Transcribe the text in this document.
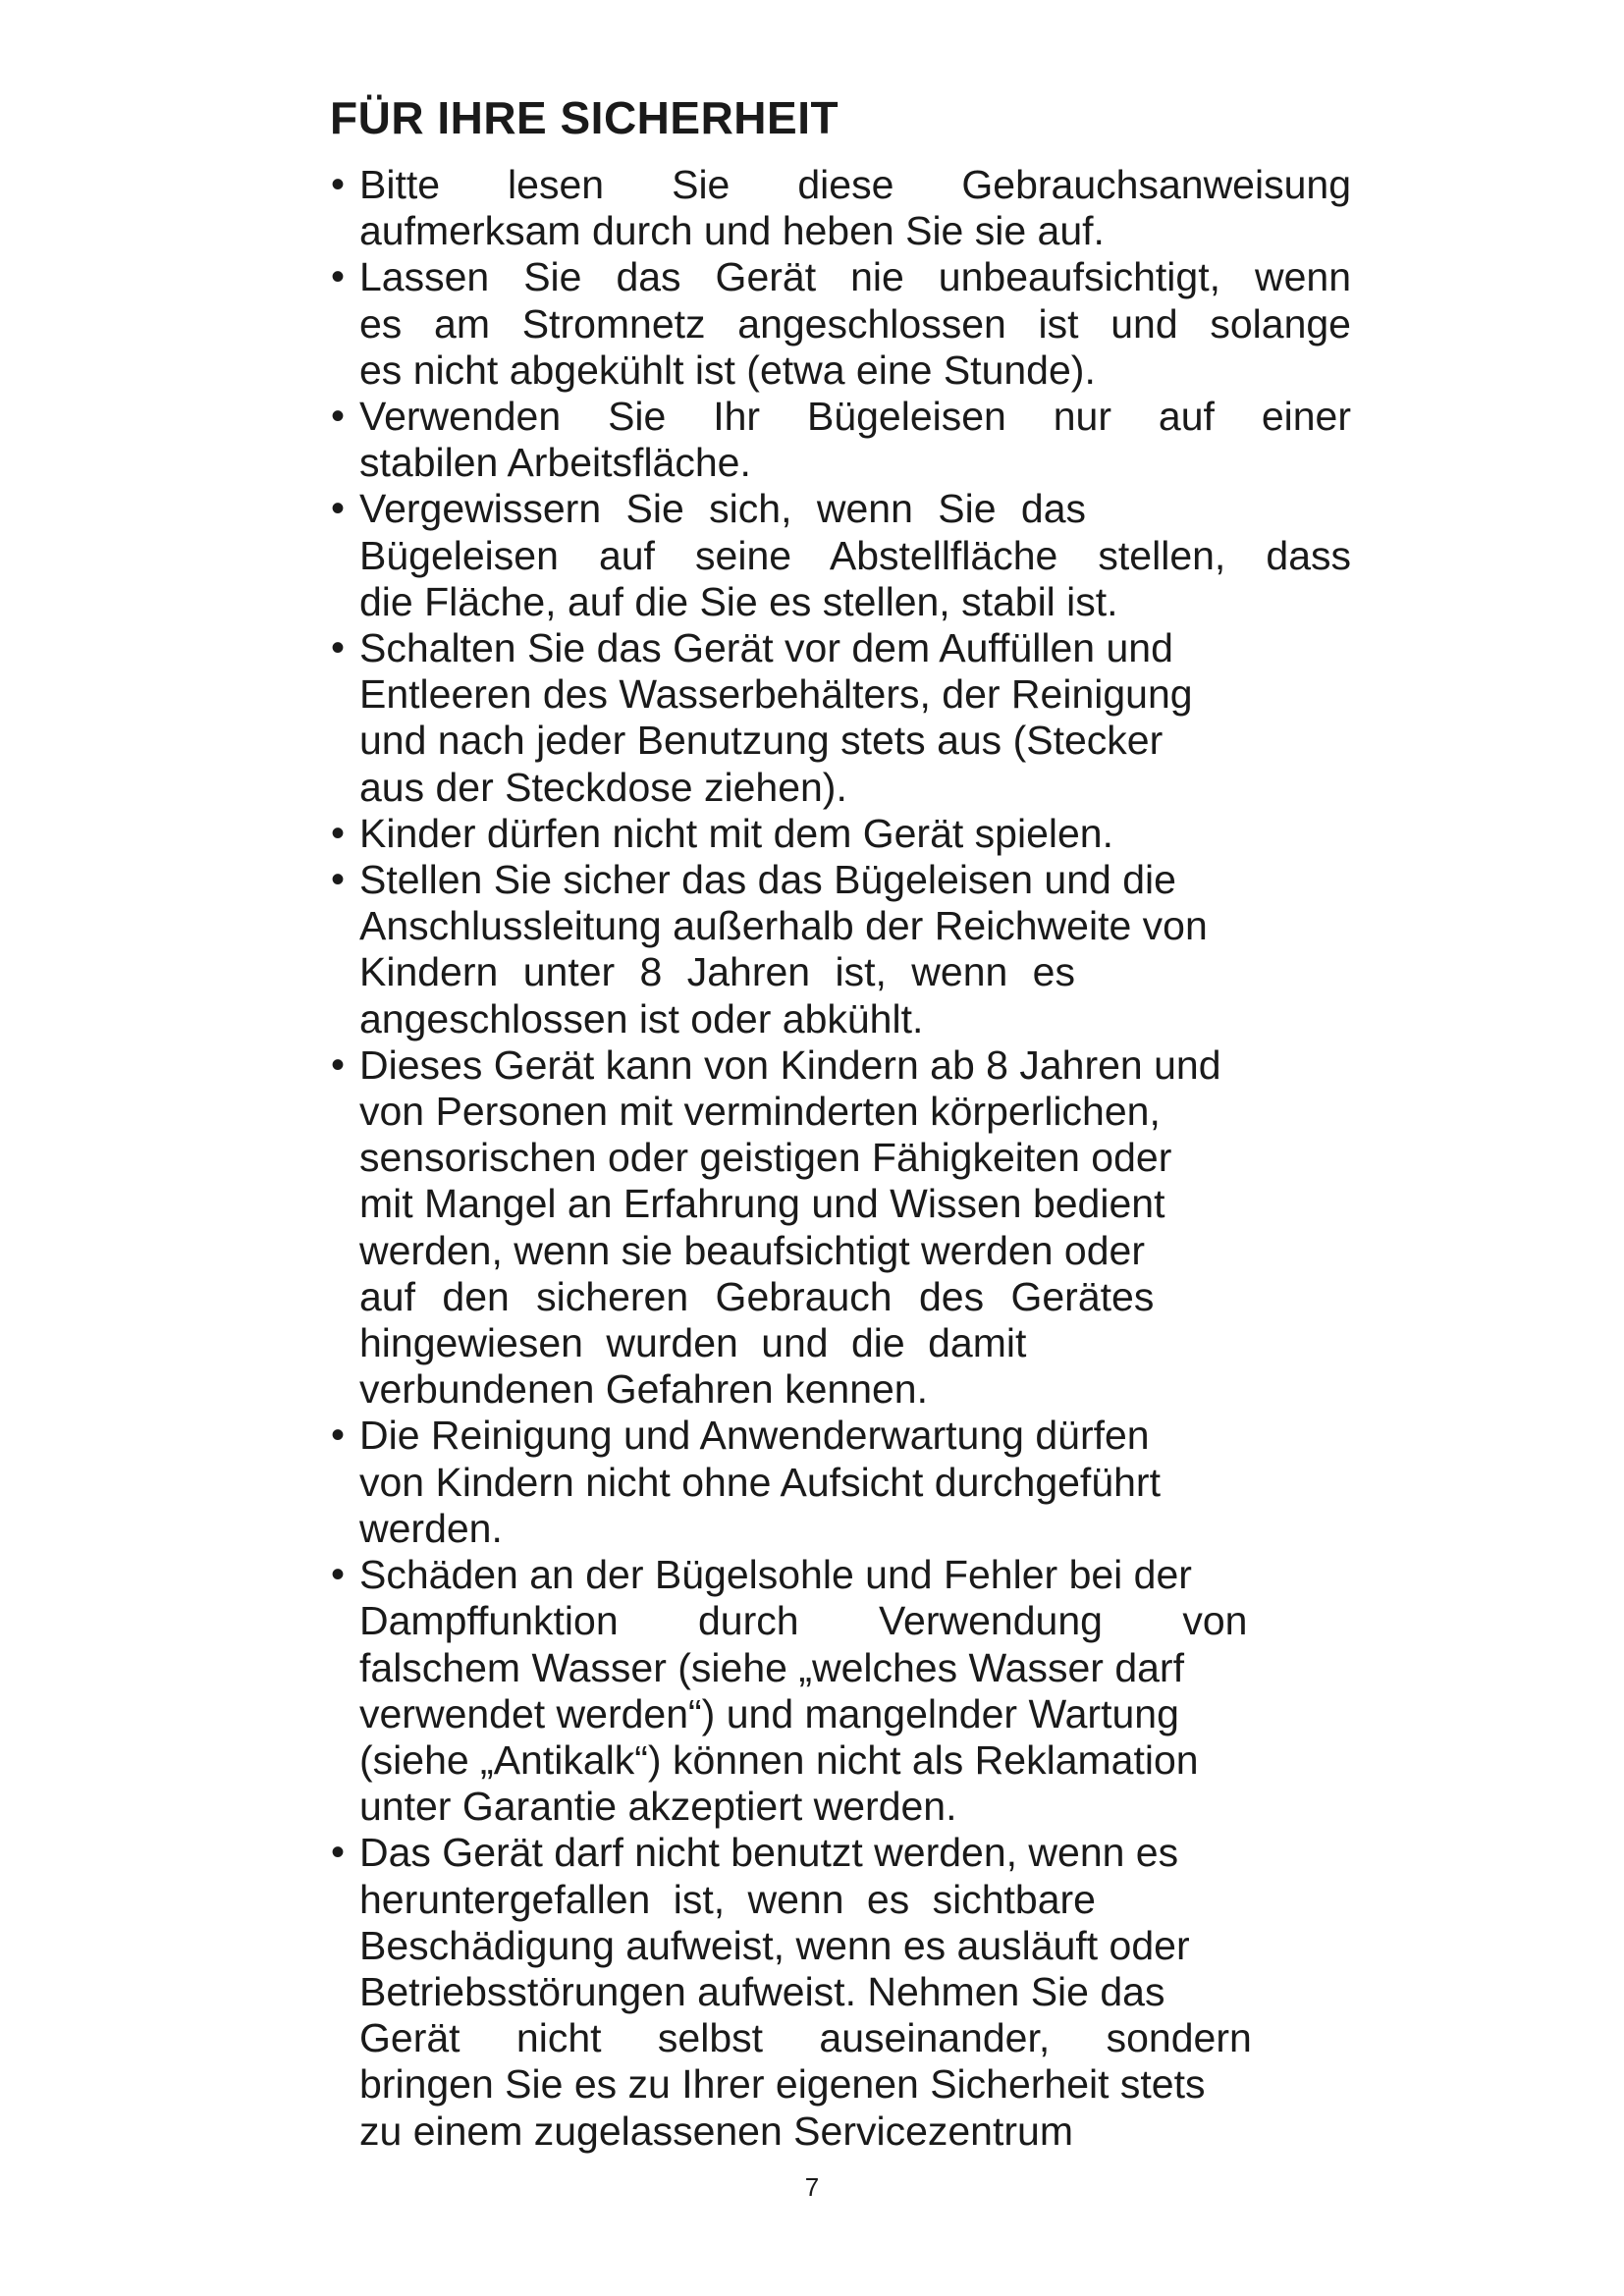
FÜR IHRE SICHERHEIT
• Bitte lesen Sie diese Gebrauchsanweisung
aufmerksam durch und heben Sie sie auf.
• Lassen Sie das Gerät nie unbeaufsichtigt, wenn
es am Stromnetz angeschlossen ist und solange
es nicht abgekühlt ist (etwa eine Stunde).
• Verwenden Sie Ihr Bügeleisen nur auf einer
stabilen Arbeitsfläche.
• Vergewissern Sie sich, wenn Sie das
Bügeleisen auf seine Abstellfläche stellen, dass
die Fläche, auf die Sie es stellen, stabil ist.
• Schalten Sie das Gerät vor dem Auffüllen und
Entleeren des Wasserbehälters, der Reinigung
und nach jeder Benutzung stets aus (Stecker
aus der Steckdose ziehen).
• Kinder dürfen nicht mit dem Gerät spielen.
• Stellen Sie sicher das das Bügeleisen und die
Anschlussleitung außerhalb der Reichweite von
Kindern unter 8 Jahren ist, wenn es
angeschlossen ist oder abkühlt.
• Dieses Gerät kann von Kindern ab 8 Jahren und
von Personen mit verminderten körperlichen,
sensorischen oder geistigen Fähigkeiten oder
mit Mangel an Erfahrung und Wissen bedient
werden, wenn sie beaufsichtigt werden oder
auf den sicheren Gebrauch des Gerätes
hingewiesen wurden und die damit
verbundenen Gefahren kennen.
• Die Reinigung und Anwenderwartung dürfen
von Kindern nicht ohne Aufsicht durchgeführt
werden.
• Schäden an der Bügelsohle und Fehler bei der
Dampffunktion durch Verwendung von
falschem Wasser (siehe „welches Wasser darf
verwendet werden“) und mangelnder Wartung
(siehe „Antikalk“) können nicht als Reklamation
unter Garantie akzeptiert werden.
• Das Gerät darf nicht benutzt werden, wenn es
heruntergefallen ist, wenn es sichtbare
Beschädigung aufweist, wenn es ausläuft oder
Betriebsstörungen aufweist. Nehmen Sie das
Gerät nicht selbst auseinander, sondern
bringen Sie es zu Ihrer eigenen Sicherheit stets
zu einem zugelassenen Servicezentrum
7
